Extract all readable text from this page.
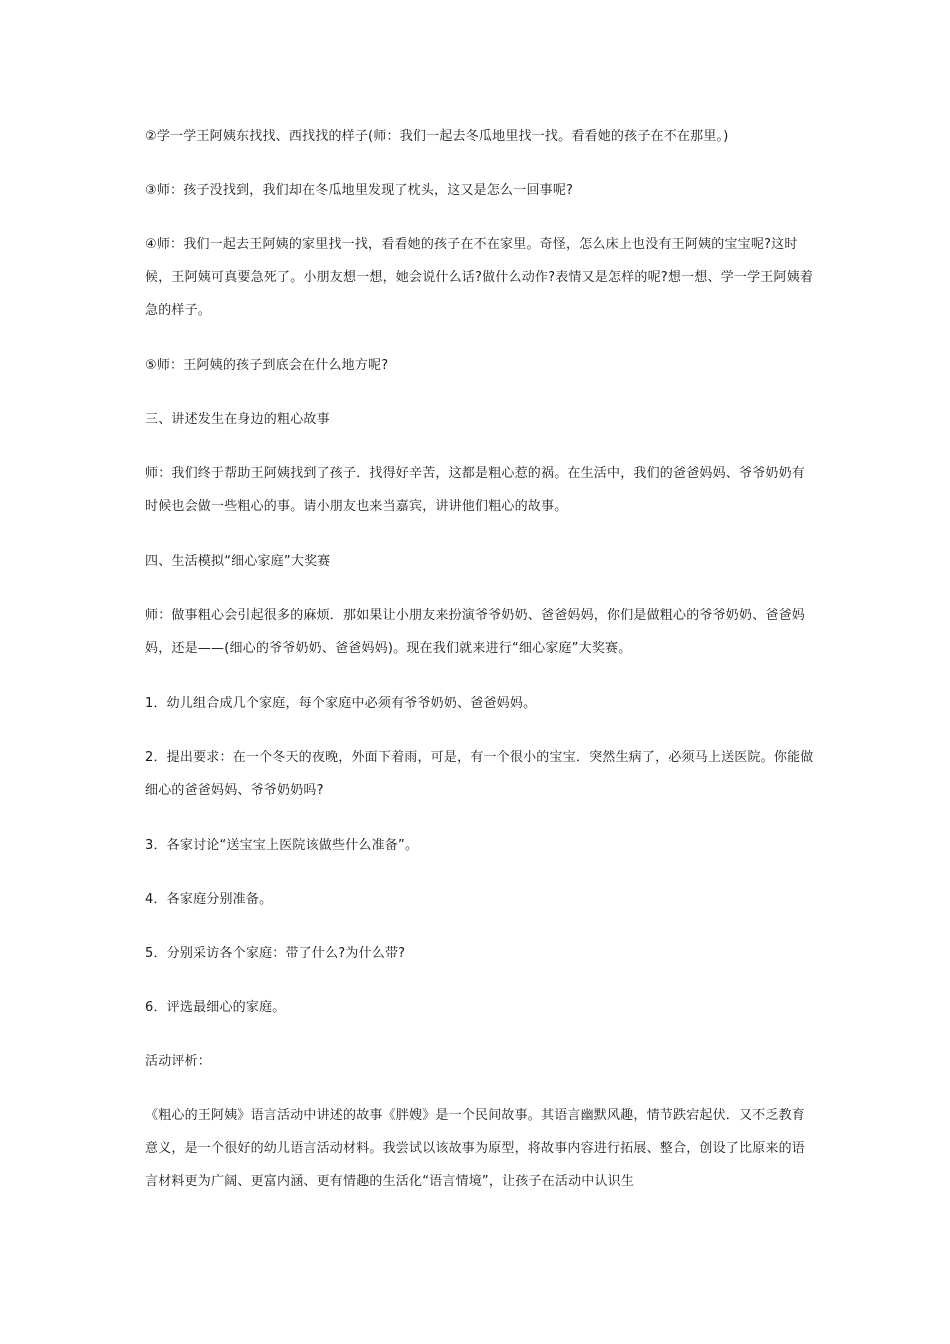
②学一学王阿姨东找找、西找找的样子(师：我们一起去冬瓜地里找一找。看看她的孩子在不在那里。)

③师：孩子没找到，我们却在冬瓜地里发现了枕头，这又是怎么一回事呢?

④师：我们一起去王阿姨的家里找一找，看看她的孩子在不在家里。奇怪，怎么床上也没有王阿姨的宝宝呢?这时候，王阿姨可真要急死了。小朋友想一想，她会说什么话?做什么动作?表情又是怎样的呢?想一想、学一学王阿姨着急的样子。

⑤师：王阿姨的孩子到底会在什么地方呢?

三、讲述发生在身边的粗心故事

师：我们终于帮助王阿姨找到了孩子．找得好辛苦，这都是粗心惹的祸。在生活中，我们的爸爸妈妈、爷爷奶奶有时候也会做一些粗心的事。请小朋友也来当嘉宾，讲讲他们粗心的故事。

四、生活模拟“细心家庭”大奖赛

师：做事粗心会引起很多的麻烦．那如果让小朋友来扮演爷爷奶奶、爸爸妈妈，你们是做粗心的爷爷奶奶、爸爸妈妈，还是——(细心的爷爷奶奶、爸爸妈妈)。现在我们就来进行“细心家庭”大奖赛。

1．幼儿组合成几个家庭，每个家庭中必须有爷爷奶奶、爸爸妈妈。

2．提出要求：在一个冬天的夜晚，外面下着雨，可是，有一个很小的宝宝．突然生病了，必须马上送医院。你能做细心的爸爸妈妈、爷爷奶奶吗?

3．各家讨论“送宝宝上医院该做些什么准备”。

4．各家庭分别准备。

5．分别采访各个家庭：带了什么?为什么带?

6．评选最细心的家庭。

活动评析：

《粗心的王阿姨》语言活动中讲述的故事《胖嫂》是一个民间故事。其语言幽默风趣，情节跌宕起伏．又不乏教育意义，是一个很好的幼儿语言活动材料。我尝试以该故事为原型，将故事内容进行拓展、整合，创设了比原来的语言材料更为广阔、更富内涵、更有情趣的生活化“语言情境”，让孩子在活动中认识生
